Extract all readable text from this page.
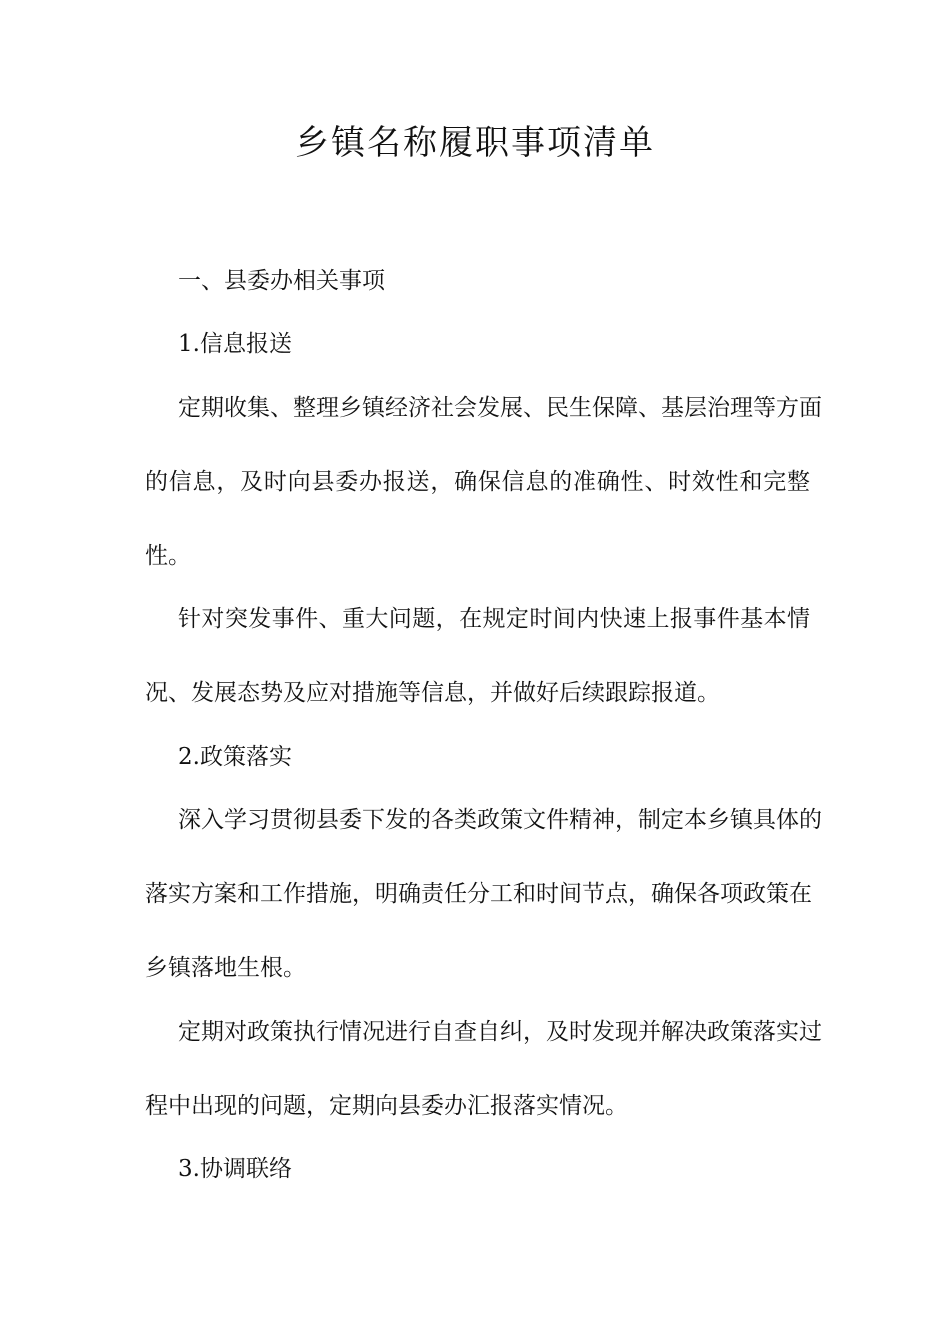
乡镇名称履职事项清单

一、县委办相关事项

1.信息报送

定期收集、整理乡镇经济社会发展、民生保障、基层治理等方面

的信息，及时向县委办报送，确保信息的准确性、时效性和完整

性。

针对突发事件、重大问题，在规定时间内快速上报事件基本情

况、发展态势及应对措施等信息，并做好后续跟踪报道。

2.政策落实

深入学习贯彻县委下发的各类政策文件精神，制定本乡镇具体的

落实方案和工作措施，明确责任分工和时间节点，确保各项政策在

乡镇落地生根。

定期对政策执行情况进行自查自纠，及时发现并解决政策落实过

程中出现的问题，定期向县委办汇报落实情况。

3.协调联络
